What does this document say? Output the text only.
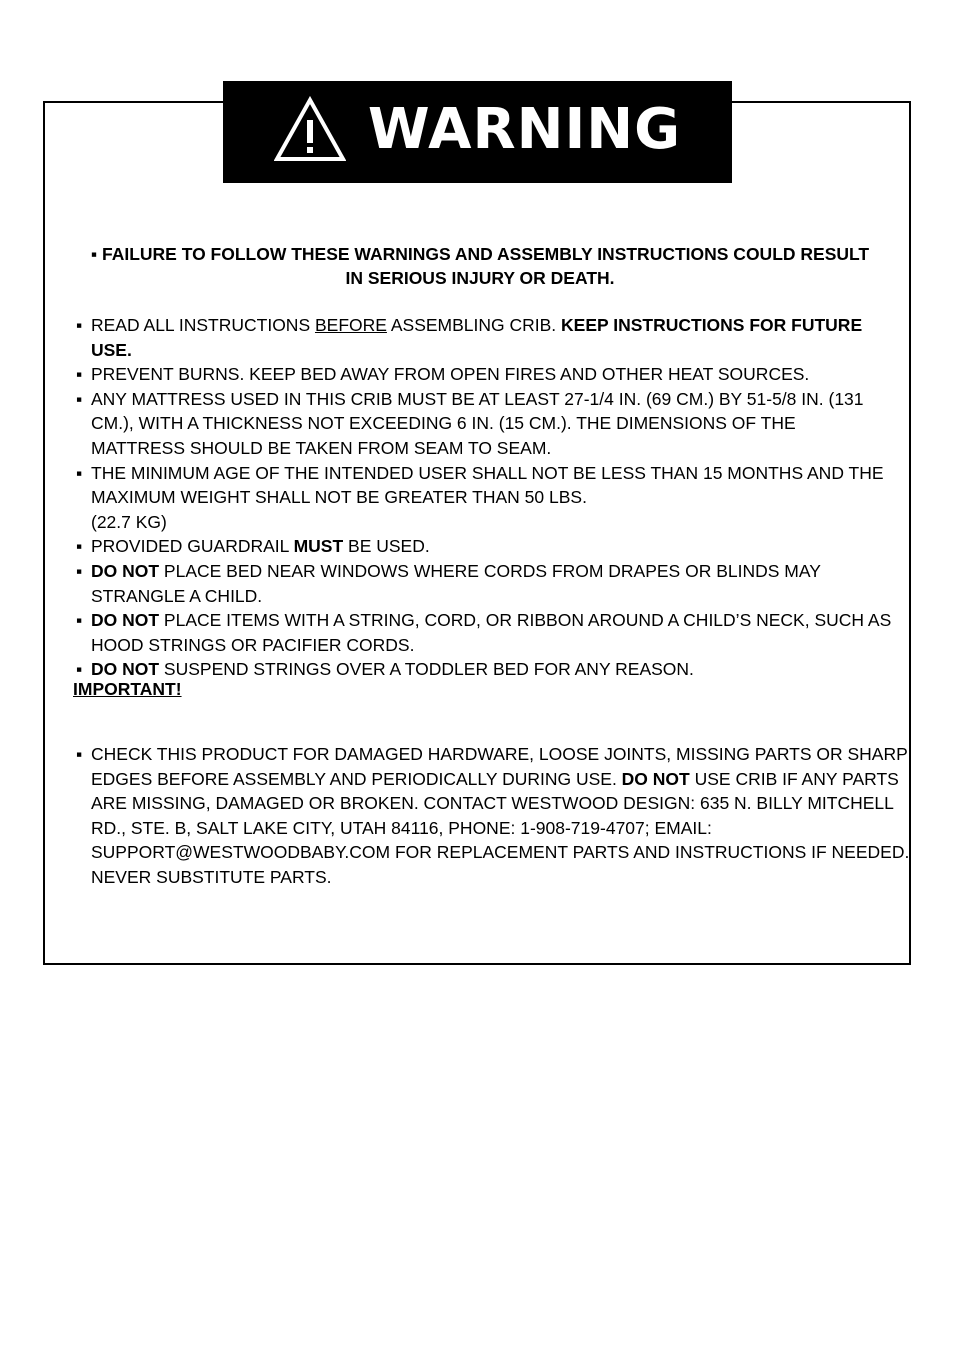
WARNING
▪ FAILURE TO FOLLOW THESE WARNINGS AND ASSEMBLY INSTRUCTIONS COULD RESULT IN SERIOUS INJURY OR DEATH.
▪ READ ALL INSTRUCTIONS BEFORE ASSEMBLING CRIB. KEEP INSTRUCTIONS FOR FUTURE USE.
▪ PREVENT BURNS. KEEP BED AWAY FROM OPEN FIRES AND OTHER HEAT SOURCES.
▪ ANY MATTRESS USED IN THIS CRIB MUST BE AT LEAST 27-1/4 IN. (69 CM.) BY 51-5/8 IN. (131 CM.), WITH A THICKNESS NOT EXCEEDING 6 IN. (15 CM.). THE DIMENSIONS OF THE MATTRESS SHOULD BE TAKEN FROM SEAM TO SEAM.
▪ THE MINIMUM AGE OF THE INTENDED USER SHALL NOT BE LESS THAN 15 MONTHS AND THE MAXIMUM WEIGHT SHALL NOT BE GREATER THAN 50 LBS.
(22.7 KG)
▪ PROVIDED GUARDRAIL MUST BE USED.
▪ DO NOT PLACE BED NEAR WINDOWS WHERE CORDS FROM DRAPES OR BLINDS MAY STRANGLE A CHILD.
▪ DO NOT PLACE ITEMS WITH A STRING, CORD, OR RIBBON AROUND A CHILD’S NECK, SUCH AS HOOD STRINGS OR PACIFIER CORDS.
▪ DO NOT SUSPEND STRINGS OVER A TODDLER BED FOR ANY REASON.
IMPORTANT!

▪ CHECK THIS PRODUCT FOR DAMAGED HARDWARE, LOOSE JOINTS, MISSING PARTS OR SHARP EDGES BEFORE ASSEMBLY AND PERIODICALLY DURING USE. DO NOT USE CRIB IF ANY PARTS ARE MISSING, DAMAGED OR BROKEN. CONTACT WESTWOOD DESIGN: 635 N. BILLY MITCHELL RD., STE. B, SALT LAKE CITY, UTAH 84116, PHONE: 1-908-719-4707; EMAIL: SUPPORT@WESTWOODBABY.COM FOR REPLACEMENT PARTS AND INSTRUCTIONS IF NEEDED. NEVER SUBSTITUTE PARTS.
